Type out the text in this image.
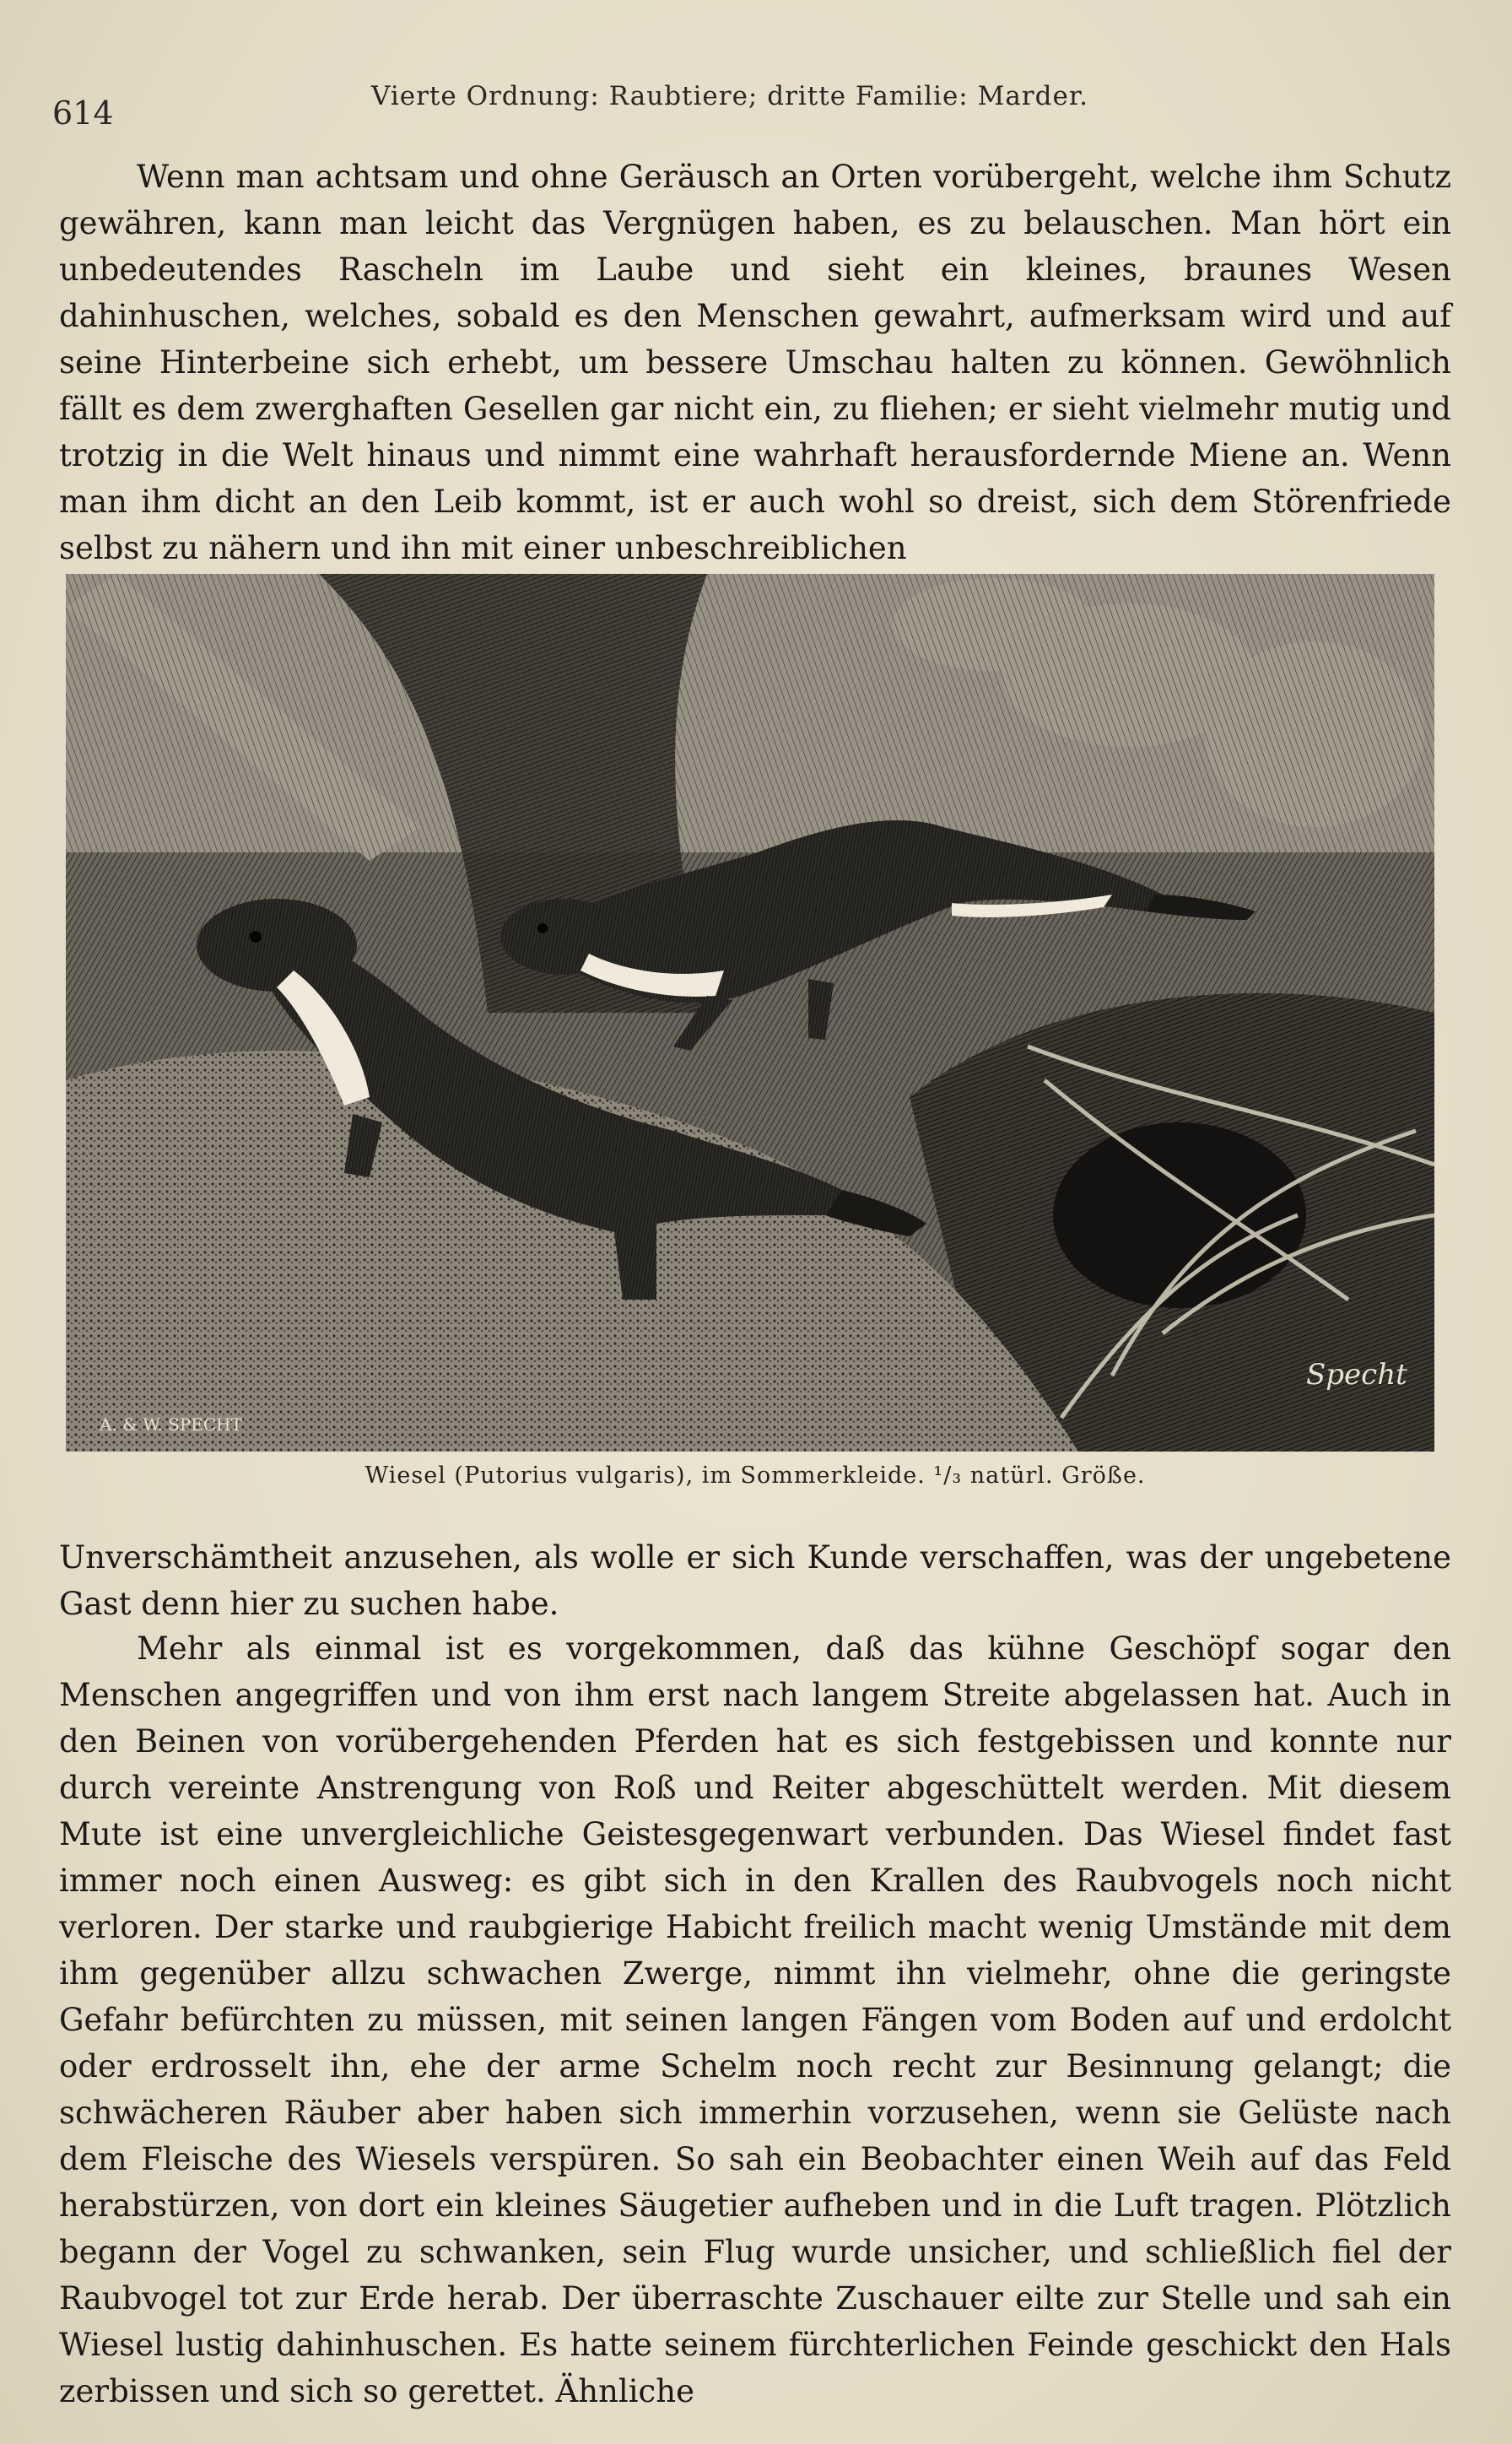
614	Vierte Ordnung: Raubtiere; dritte Familie: Marder.

Wenn man achtsam und ohne Geräusch an Orten vorübergeht, welche ihm Schutz gewähren, kann man leicht das Vergnügen haben, es zu belauschen. Man hört ein unbedeutendes Rascheln im Laube und sieht ein kleines, braunes Wesen dahinhuschen, welches, sobald es den Menschen gewahrt, aufmerksam wird und auf seine Hinterbeine sich erhebt, um bessere Umschau halten zu können. Gewöhnlich fällt es dem zwerghaften Gesellen gar nicht ein, zu fliehen; er sieht vielmehr mutig und trotzig in die Welt hinaus und nimmt eine wahrhaft herausfordernde Miene an. Wenn man ihm dicht an den Leib kommt, ist er auch wohl so dreist, sich dem Störenfriede selbst zu nähern und ihn mit einer unbeschreiblichen

A. & W. SPECHT
Specht
Wiesel (Putorius vulgaris), im Sommerkleide. ¹/₃ natürl. Größe.

Unverschämtheit anzusehen, als wolle er sich Kunde verschaffen, was der ungebetene Gast denn hier zu suchen habe.

Mehr als einmal ist es vorgekommen, daß das kühne Geschöpf sogar den Menschen angegriffen und von ihm erst nach langem Streite abgelassen hat. Auch in den Beinen von vorübergehenden Pferden hat es sich festgebissen und konnte nur durch vereinte Anstrengung von Roß und Reiter abgeschüttelt werden. Mit diesem Mute ist eine unvergleichliche Geistesgegenwart verbunden. Das Wiesel findet fast immer noch einen Ausweg: es gibt sich in den Krallen des Raubvogels noch nicht verloren. Der starke und raubgierige Habicht freilich macht wenig Umstände mit dem ihm gegenüber allzu schwachen Zwerge, nimmt ihn vielmehr, ohne die geringste Gefahr befürchten zu müssen, mit seinen langen Fängen vom Boden auf und erdolcht oder erdrosselt ihn, ehe der arme Schelm noch recht zur Besinnung gelangt; die schwächeren Räuber aber haben sich immerhin vorzusehen, wenn sie Gelüste nach dem Fleische des Wiesels verspüren. So sah ein Beobachter einen Weih auf das Feld herabstürzen, von dort ein kleines Säugetier aufheben und in die Luft tragen. Plötzlich begann der Vogel zu schwanken, sein Flug wurde unsicher, und schließlich fiel der Raubvogel tot zur Erde herab. Der überraschte Zuschauer eilte zur Stelle und sah ein Wiesel lustig dahinhuschen. Es hatte seinem fürchterlichen Feinde geschickt den Hals zerbissen und sich so gerettet. Ähnliche
